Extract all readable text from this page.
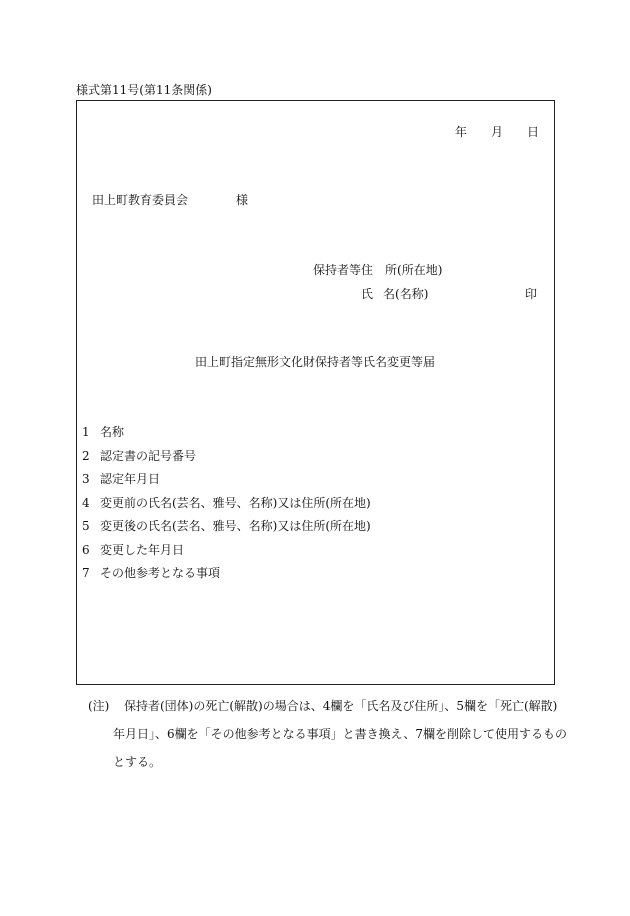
様式第11号(第11条関係)
年	月	日
田上町教育委員会	様
保持者等住　所(所在地)
氏 名(名称)	印
田上町指定無形文化財保持者等氏名変更等届
1 名称
2 認定書の記号番号
3 認定年月日
4 変更前の氏名(芸名、雅号、名称)又は住所(所在地)
5 変更後の氏名(芸名、雅号、名称)又は住所(所在地)
6 変更した年月日
7 その他参考となる事項
(注) 保持者(団体)の死亡(解散)の場合は、4欄を「氏名及び住所」、5欄を「死亡(解散)
年月日」、6欄を「その他参考となる事項」と書き換え、7欄を削除して使用するもの
とする。
